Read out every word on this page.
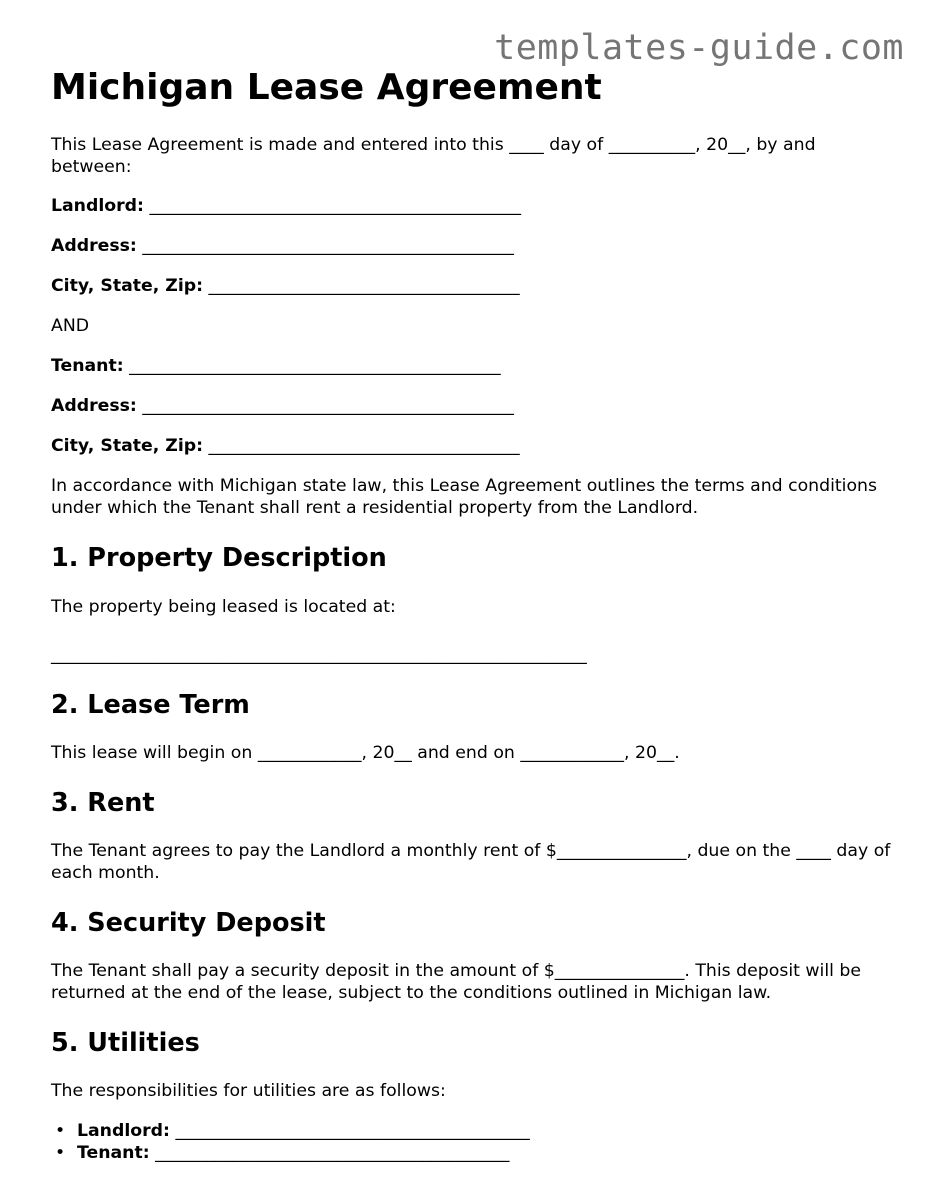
templates-guide.com
Michigan Lease Agreement

This Lease Agreement is made and entered into this ____ day of __________, 20__, by and between:

Landlord: ___________________________________________

Address: ___________________________________________

City, State, Zip: ____________________________________

AND

Tenant: ___________________________________________

Address: ___________________________________________

City, State, Zip: ____________________________________

In accordance with Michigan state law, this Lease Agreement outlines the terms and conditions under which the Tenant shall rent a residential property from the Landlord.

1. Property Description

The property being leased is located at:

______________________________________________________________

2. Lease Term

This lease will begin on ____________, 20__ and end on ____________, 20__.

3. Rent

The Tenant agrees to pay the Landlord a monthly rent of $_______________, due on the ____ day of each month.

4. Security Deposit

The Tenant shall pay a security deposit in the amount of $_______________. This deposit will be returned at the end of the lease, subject to the conditions outlined in Michigan law.

5. Utilities

The responsibilities for utilities are as follows:

• Landlord: _________________________________________
• Tenant: _________________________________________
